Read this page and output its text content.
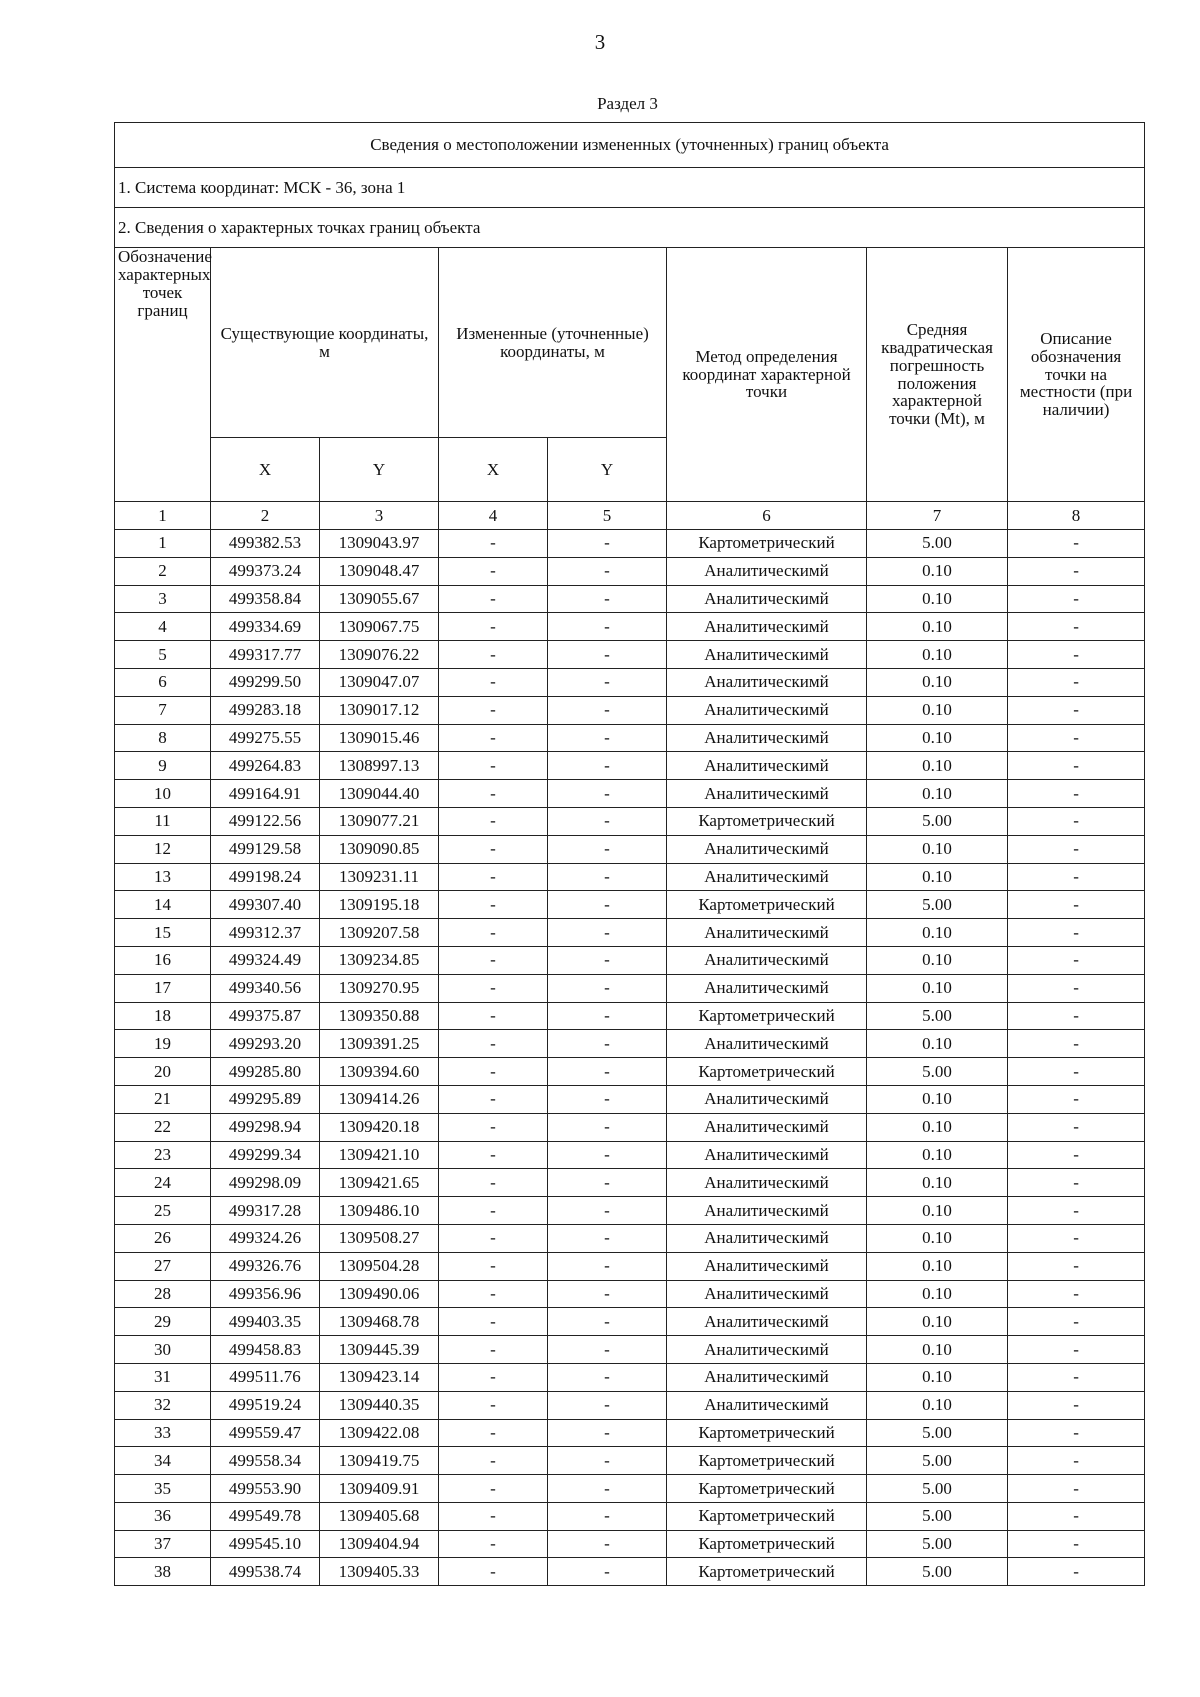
3
Раздел 3
Сведения о местоположении измененных (уточненных) границ объекта							
1. Система координат: МСК - 36, зона 1							
2. Сведения о характерных точках границ объекта							
Обозначение характерных точек границ	Существующие координаты, м		Измененные (уточненные) координаты, м		Метод определения координат характерной точки	Средняя квадратическая погрешность положения характерной точки (Mt), м	Описание обозначения точки на местности (при наличии)
	X	Y	X	Y			
1	2	3	4	5	6	7	8
1	499382.53	1309043.97	-	-	Картометрический	5.00	-
2	499373.24	1309048.47	-	-	Аналитическимй	0.10	-
3	499358.84	1309055.67	-	-	Аналитическимй	0.10	-
4	499334.69	1309067.75	-	-	Аналитическимй	0.10	-
5	499317.77	1309076.22	-	-	Аналитическимй	0.10	-
6	499299.50	1309047.07	-	-	Аналитическимй	0.10	-
7	499283.18	1309017.12	-	-	Аналитическимй	0.10	-
8	499275.55	1309015.46	-	-	Аналитическимй	0.10	-
9	499264.83	1308997.13	-	-	Аналитическимй	0.10	-
10	499164.91	1309044.40	-	-	Аналитическимй	0.10	-
11	499122.56	1309077.21	-	-	Картометрический	5.00	-
12	499129.58	1309090.85	-	-	Аналитическимй	0.10	-
13	499198.24	1309231.11	-	-	Аналитическимй	0.10	-
14	499307.40	1309195.18	-	-	Картометрический	5.00	-
15	499312.37	1309207.58	-	-	Аналитическимй	0.10	-
16	499324.49	1309234.85	-	-	Аналитическимй	0.10	-
17	499340.56	1309270.95	-	-	Аналитическимй	0.10	-
18	499375.87	1309350.88	-	-	Картометрический	5.00	-
19	499293.20	1309391.25	-	-	Аналитическимй	0.10	-
20	499285.80	1309394.60	-	-	Картометрический	5.00	-
21	499295.89	1309414.26	-	-	Аналитическимй	0.10	-
22	499298.94	1309420.18	-	-	Аналитическимй	0.10	-
23	499299.34	1309421.10	-	-	Аналитическимй	0.10	-
24	499298.09	1309421.65	-	-	Аналитическимй	0.10	-
25	499317.28	1309486.10	-	-	Аналитическимй	0.10	-
26	499324.26	1309508.27	-	-	Аналитическимй	0.10	-
27	499326.76	1309504.28	-	-	Аналитическимй	0.10	-
28	499356.96	1309490.06	-	-	Аналитическимй	0.10	-
29	499403.35	1309468.78	-	-	Аналитическимй	0.10	-
30	499458.83	1309445.39	-	-	Аналитическимй	0.10	-
31	499511.76	1309423.14	-	-	Аналитическимй	0.10	-
32	499519.24	1309440.35	-	-	Аналитическимй	0.10	-
33	499559.47	1309422.08	-	-	Картометрический	5.00	-
34	499558.34	1309419.75	-	-	Картометрический	5.00	-
35	499553.90	1309409.91	-	-	Картометрический	5.00	-
36	499549.78	1309405.68	-	-	Картометрический	5.00	-
37	499545.10	1309404.94	-	-	Картометрический	5.00	-
38	499538.74	1309405.33	-	-	Картометрический	5.00	-
